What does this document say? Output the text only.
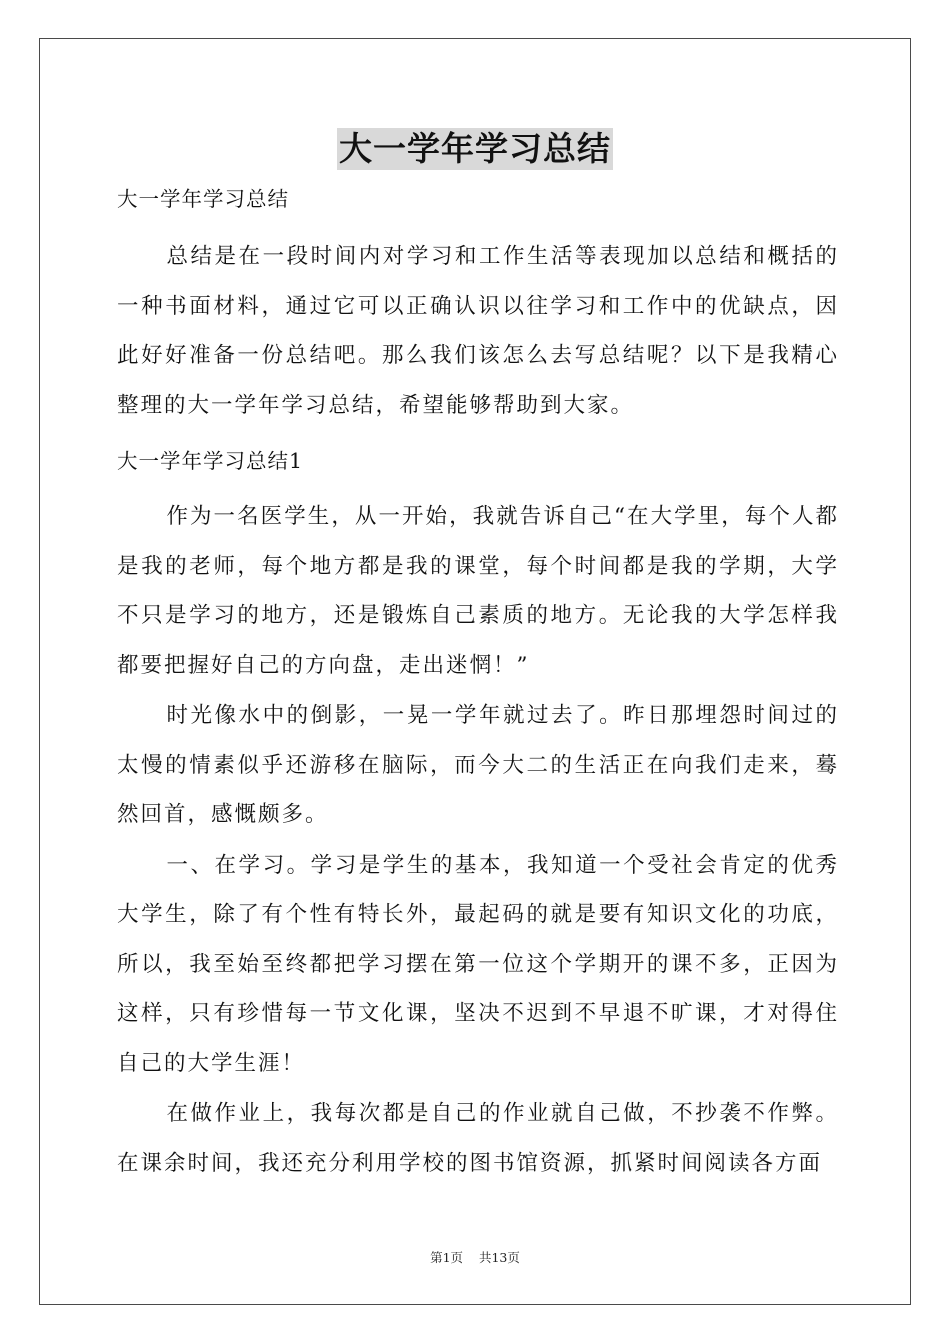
大一学年学习总结

大一学年学习总结

总结是在一段时间内对学习和工作生活等表现加以总结和概括的一种书面材料，通过它可以正确认识以往学习和工作中的优缺点，因此好好准备一份总结吧。那么我们该怎么去写总结呢？以下是我精心整理的大一学年学习总结，希望能够帮助到大家。

大一学年学习总结1

作为一名医学生，从一开始，我就告诉自己“在大学里，每个人都是我的老师，每个地方都是我的课堂，每个时间都是我的学期，大学不只是学习的地方，还是锻炼自己素质的地方。无论我的大学怎样我都要把握好自己的方向盘，走出迷惘！”

时光像水中的倒影，一晃一学年就过去了。昨日那埋怨时间过的太慢的情素似乎还游移在脑际，而今大二的生活正在向我们走来，蓦然回首，感慨颇多。

一、在学习。学习是学生的基本，我知道一个受社会肯定的优秀大学生，除了有个性有特长外，最起码的就是要有知识文化的功底，所以，我至始至终都把学习摆在第一位这个学期开的课不多，正因为这样，只有珍惜每一节文化课，坚决不迟到不早退不旷课，才对得住自己的大学生涯！

在做作业上，我每次都是自己的作业就自己做，不抄袭不作弊。在课余时间，我还充分利用学校的图书馆资源，抓紧时间阅读各方面

第1页 共13页
